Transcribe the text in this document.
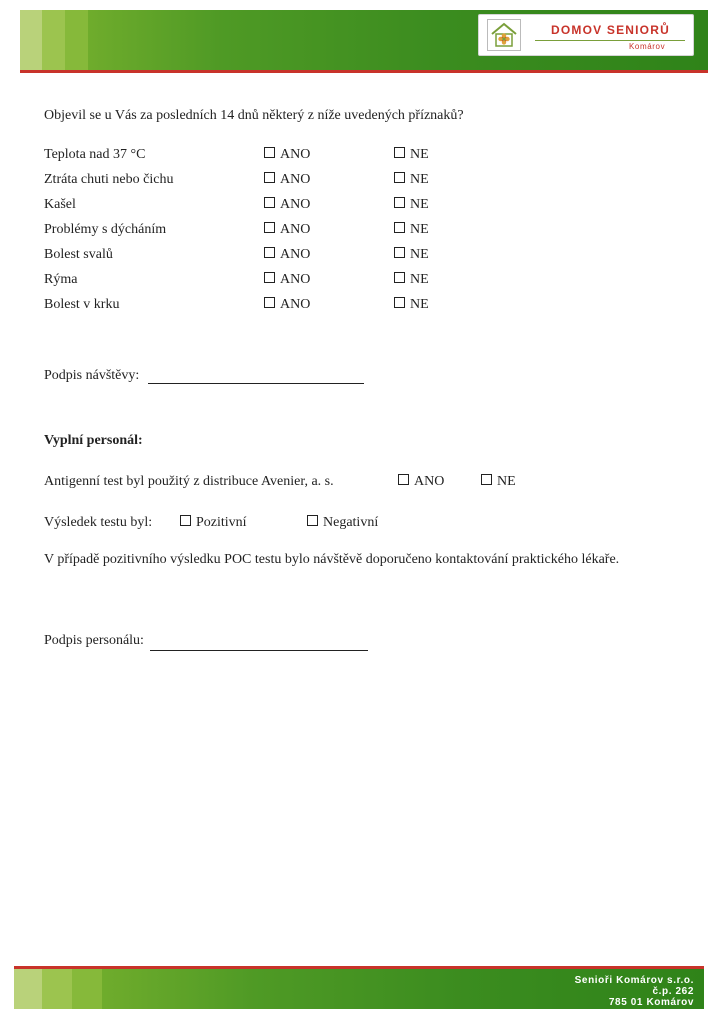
DOMOV SENIORŮ
Komárov
Objevil se u Vás za posledních 14 dnů některý z níže uvedených příznaků?
Teplota nad 37 °C	ANO	NE
Ztráta chuti nebo čichu	ANO	NE
Kašel	ANO	NE
Problémy s dýcháním	ANO	NE
Bolest svalů	ANO	NE
Rýma	ANO	NE
Bolest v krku	ANO	NE
Podpis návštěvy:
Vyplní personál:
Antigenní test byl použitý z distribuce Avenier, a. s.	ANO	NE
Výsledek testu byl:	Pozitivní	Negativní
V případě pozitivního výsledku POC testu bylo návštěvě doporučeno kontaktování praktického lékaře.
Podpis personálu:
Senioři Komárov s.r.o.
č.p. 262
785 01 Komárov
